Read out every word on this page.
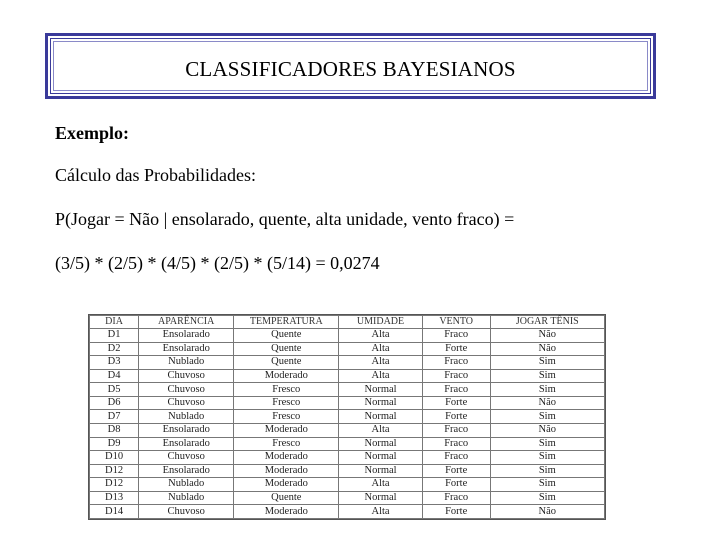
CLASSIFICADORES BAYESIANOS
Exemplo:
Cálculo das Probabilidades:
P(Jogar = Não | ensolarado, quente, alta unidade, vento fraco) =
(3/5) * (2/5) * (4/5) * (2/5) * (5/14) = 0,0274
DIA	APARÊNCIA	TEMPERATURA	UMIDADE	VENTO	JOGAR TÊNIS
D1	Ensolarado	Quente	Alta	Fraco	Não
D2	Ensolarado	Quente	Alta	Forte	Não
D3	Nublado	Quente	Alta	Fraco	Sim
D4	Chuvoso	Moderado	Alta	Fraco	Sim
D5	Chuvoso	Fresco	Normal	Fraco	Sim
D6	Chuvoso	Fresco	Normal	Forte	Não
D7	Nublado	Fresco	Normal	Forte	Sim
D8	Ensolarado	Moderado	Alta	Fraco	Não
D9	Ensolarado	Fresco	Normal	Fraco	Sim
D10	Chuvoso	Moderado	Normal	Fraco	Sim
D12	Ensolarado	Moderado	Normal	Forte	Sim
D12	Nublado	Moderado	Alta	Forte	Sim
D13	Nublado	Quente	Normal	Fraco	Sim
D14	Chuvoso	Moderado	Alta	Forte	Não
